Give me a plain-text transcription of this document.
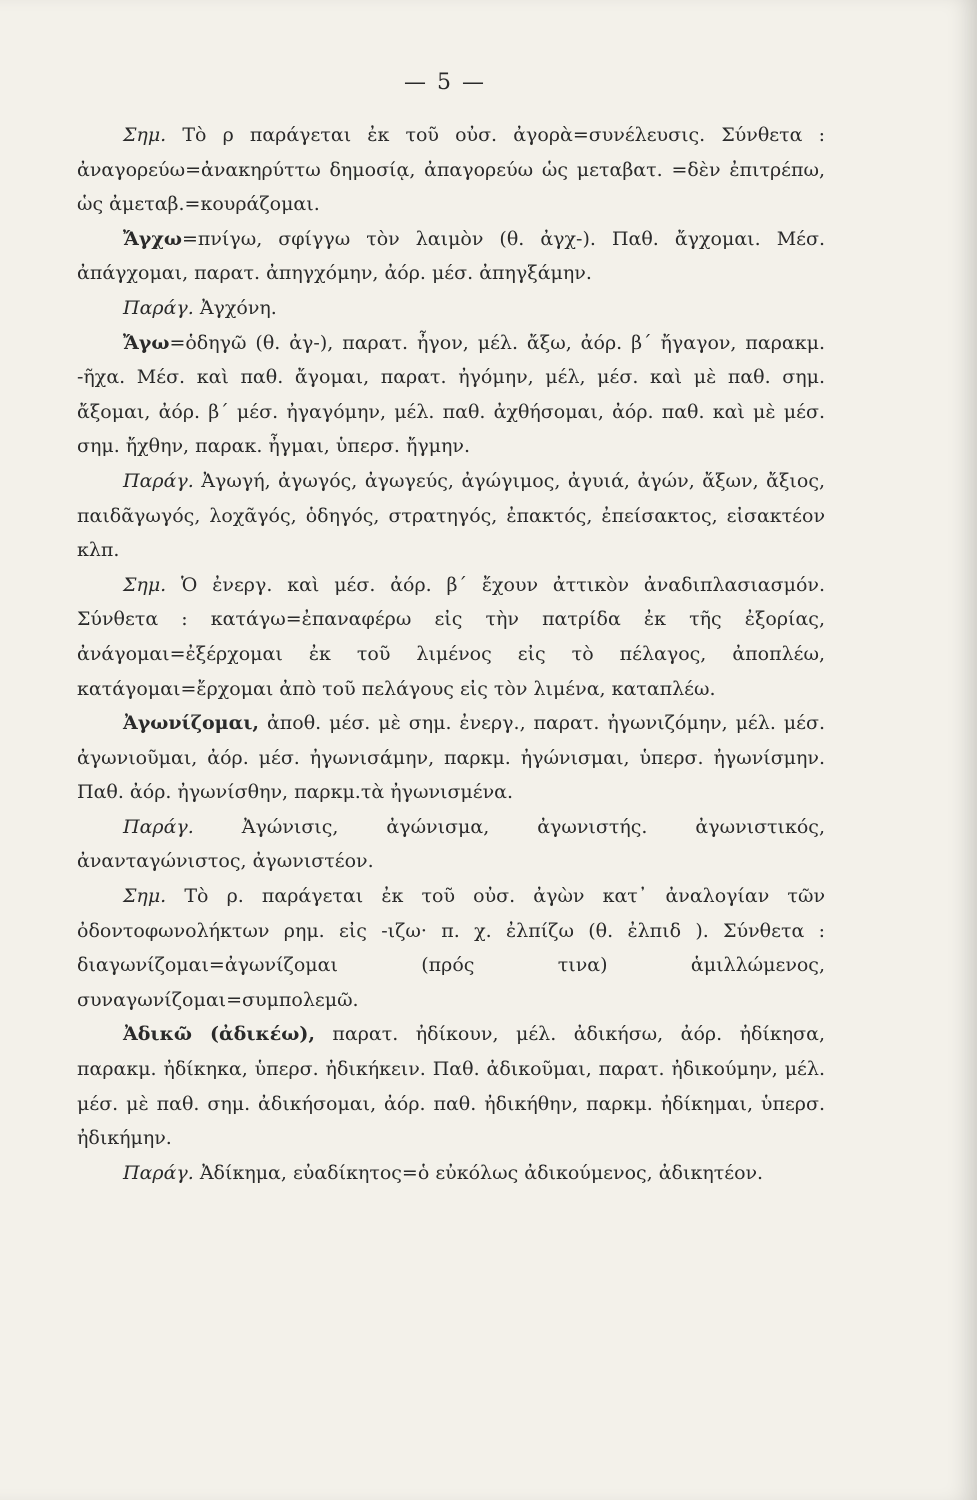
— 5 —

Σημ. Τὸ ρ παράγεται ἐκ τοῦ οὐσ. ἀγορὰ=συνέλευσις. Σύνθετα : ἀναγορεύω=ἀνακηρύττω δημοσίᾳ, ἀπαγορεύω ὡς μεταβατ. =δὲν ἐπιτρέπω, ὡς ἀμεταβ.=κουράζομαι.

Ἄγχω=πνίγω, σφίγγω τὸν λαιμὸν (θ. ἀγχ-). Παθ. ἄγχομαι. Μέσ. ἀπάγχομαι, παρατ. ἀπηγχόμην, ἀόρ. μέσ. ἀπηγξάμην.

Παράγ. Ἀγχόνη.

Ἄγω=ὁδηγῶ (θ. ἀγ-), παρατ. ἦγον, μέλ. ἄξω, ἀόρ. β΄ ἤγαγον, παρακμ. -ῆχα. Μέσ. καὶ παθ. ἄγομαι, παρατ. ἠγόμην, μέλ, μέσ. καὶ μὲ παθ. σημ. ἄξομαι, ἀόρ. β΄ μέσ. ἠγαγόμην, μέλ. παθ. ἀχθήσομαι, ἀόρ. παθ. καὶ μὲ μέσ. σημ. ἤχθην, παρακ. ἦγμαι, ὑπερσ. ἤγμην.

Παράγ. Ἀγωγή, ἀγωγός, ἀγωγεύς, ἀγώγιμος, ἀγυιά, ἀγών, ἄξων, ἄξιος, παιδᾶγωγός, λοχᾶγός, ὁδηγός, στρατηγός, ἐπακτός, ἐπείσακτος, εἰσακτέον κλπ.

Σημ. Ὁ ἐνεργ. καὶ μέσ. ἀόρ. β΄ ἔχουν ἀττικὸν ἀναδιπλασιασμόν. Σύνθετα : κατάγω=ἐπαναφέρω εἰς τὴν πατρίδα ἐκ τῆς ἐξορίας, ἀνάγομαι=ἐξέρχομαι ἐκ τοῦ λιμένος εἰς τὸ πέλαγος, ἀποπλέω, κατάγομαι=ἔρχομαι ἀπὸ τοῦ πελάγους εἰς τὸν λιμένα, καταπλέω.

Ἀγωνίζομαι, ἀποθ. μέσ. μὲ σημ. ἐνεργ., παρατ. ἠγωνιζόμην, μέλ. μέσ. ἀγωνιοῦμαι, ἀόρ. μέσ. ἠγωνισάμην, παρκμ. ἠγώνισμαι, ὑπερσ. ἠγωνίσμην. Παθ. ἀόρ. ἠγωνίσθην, παρκμ.τὰ ἠγωνισμένα.

Παράγ. Ἀγώνισις, ἀγώνισμα, ἀγωνιστής. ἀγωνιστικός, ἀνανταγώνιστος, ἀγωνιστέον.

Σημ. Τὸ ρ. παράγεται ἐκ τοῦ οὐσ. ἀγὼν κατ᾿ ἀναλογίαν τῶν ὀδοντοφωνολήκτων ρημ. εἰς -ιζω· π. χ. ἐλπίζω (θ. ἐλπιδ ). Σύνθετα : διαγωνίζομαι=ἀγωνίζομαι (πρός τινα) ἁμιλλώμενος, συναγωνίζομαι=συμπολεμῶ.

Ἀδικῶ (ἀδικέω), παρατ. ἠδίκουν, μέλ. ἀδικήσω, ἀόρ. ἠδίκησα, παρακμ. ἠδίκηκα, ὑπερσ. ἠδικήκειν. Παθ. ἀδικοῦμαι, παρατ. ἠδικούμην, μέλ. μέσ. μὲ παθ. σημ. ἀδικήσομαι, ἀόρ. παθ. ἠδικήθην, παρκμ. ἠδίκημαι, ὑπερσ. ἠδικήμην.

Παράγ. Ἀδίκημα, εὐαδίκητος=ὁ εὐκόλως ἀδικούμενος, ἀδικητέον.
